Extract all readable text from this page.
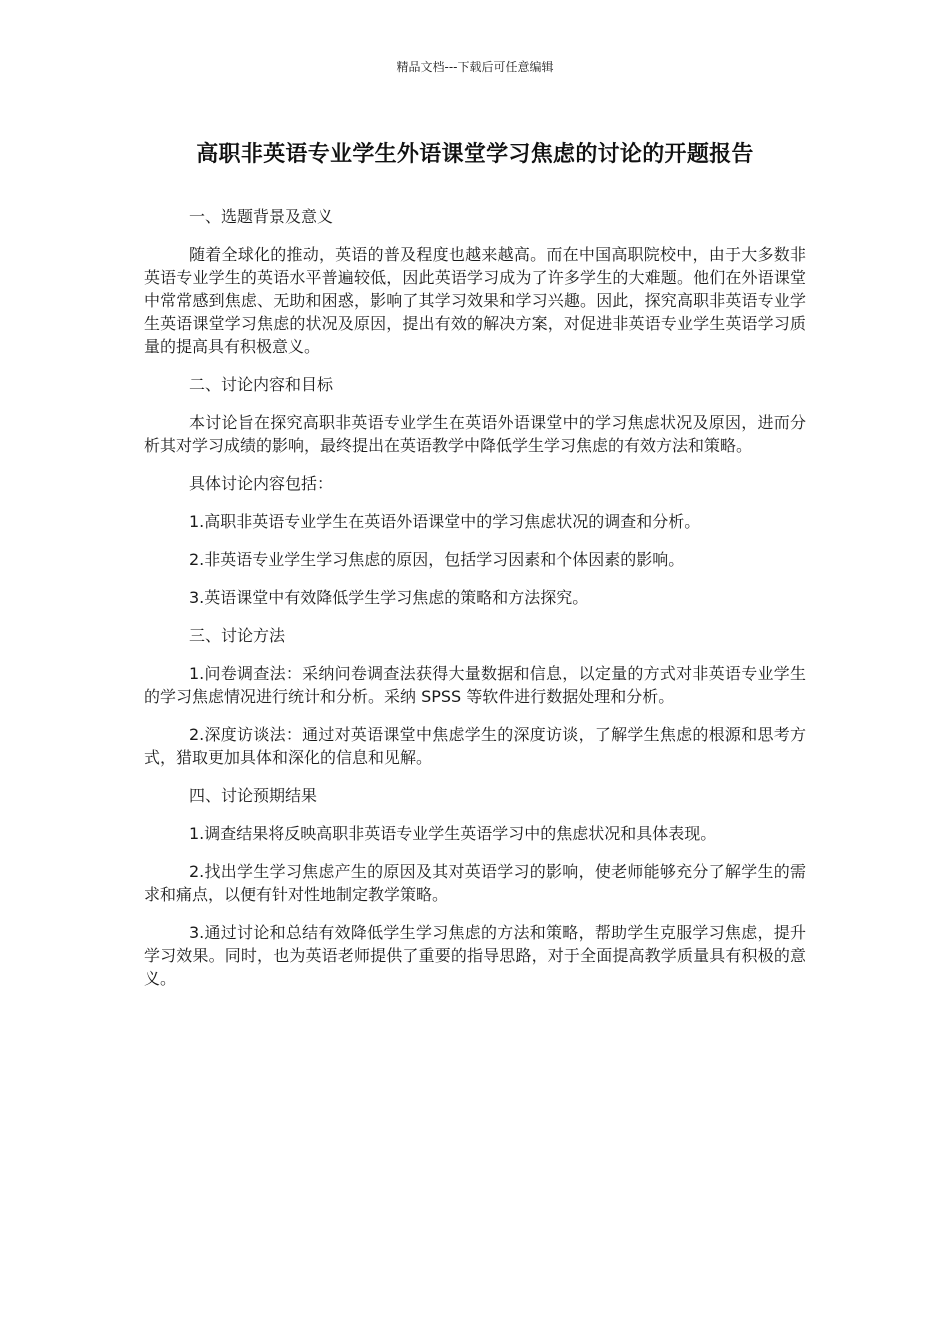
精品文档---下载后可任意编辑
高职非英语专业学生外语课堂学习焦虑的讨论的开题报告

一、选题背景及意义

随着全球化的推动，英语的普及程度也越来越高。而在中国高职院校中，由于大多数非英语专业学生的英语水平普遍较低，因此英语学习成为了许多学生的大难题。他们在外语课堂中常常感到焦虑、无助和困惑，影响了其学习效果和学习兴趣。因此，探究高职非英语专业学生英语课堂学习焦虑的状况及原因，提出有效的解决方案，对促进非英语专业学生英语学习质量的提高具有积极意义。

二、讨论内容和目标

本讨论旨在探究高职非英语专业学生在英语外语课堂中的学习焦虑状况及原因，进而分析其对学习成绩的影响，最终提出在英语教学中降低学生学习焦虑的有效方法和策略。

具体讨论内容包括：

1.高职非英语专业学生在英语外语课堂中的学习焦虑状况的调查和分析。

2.非英语专业学生学习焦虑的原因，包括学习因素和个体因素的影响。

3.英语课堂中有效降低学生学习焦虑的策略和方法探究。

三、讨论方法

1.问卷调查法：采纳问卷调查法获得大量数据和信息，以定量的方式对非英语专业学生的学习焦虑情况进行统计和分析。采纳 SPSS 等软件进行数据处理和分析。

2.深度访谈法：通过对英语课堂中焦虑学生的深度访谈，了解学生焦虑的根源和思考方式，猎取更加具体和深化的信息和见解。

四、讨论预期结果

1.调查结果将反映高职非英语专业学生英语学习中的焦虑状况和具体表现。

2.找出学生学习焦虑产生的原因及其对英语学习的影响，使老师能够充分了解学生的需求和痛点，以便有针对性地制定教学策略。

3.通过讨论和总结有效降低学生学习焦虑的方法和策略，帮助学生克服学习焦虑，提升学习效果。同时，也为英语老师提供了重要的指导思路，对于全面提高教学质量具有积极的意义。
